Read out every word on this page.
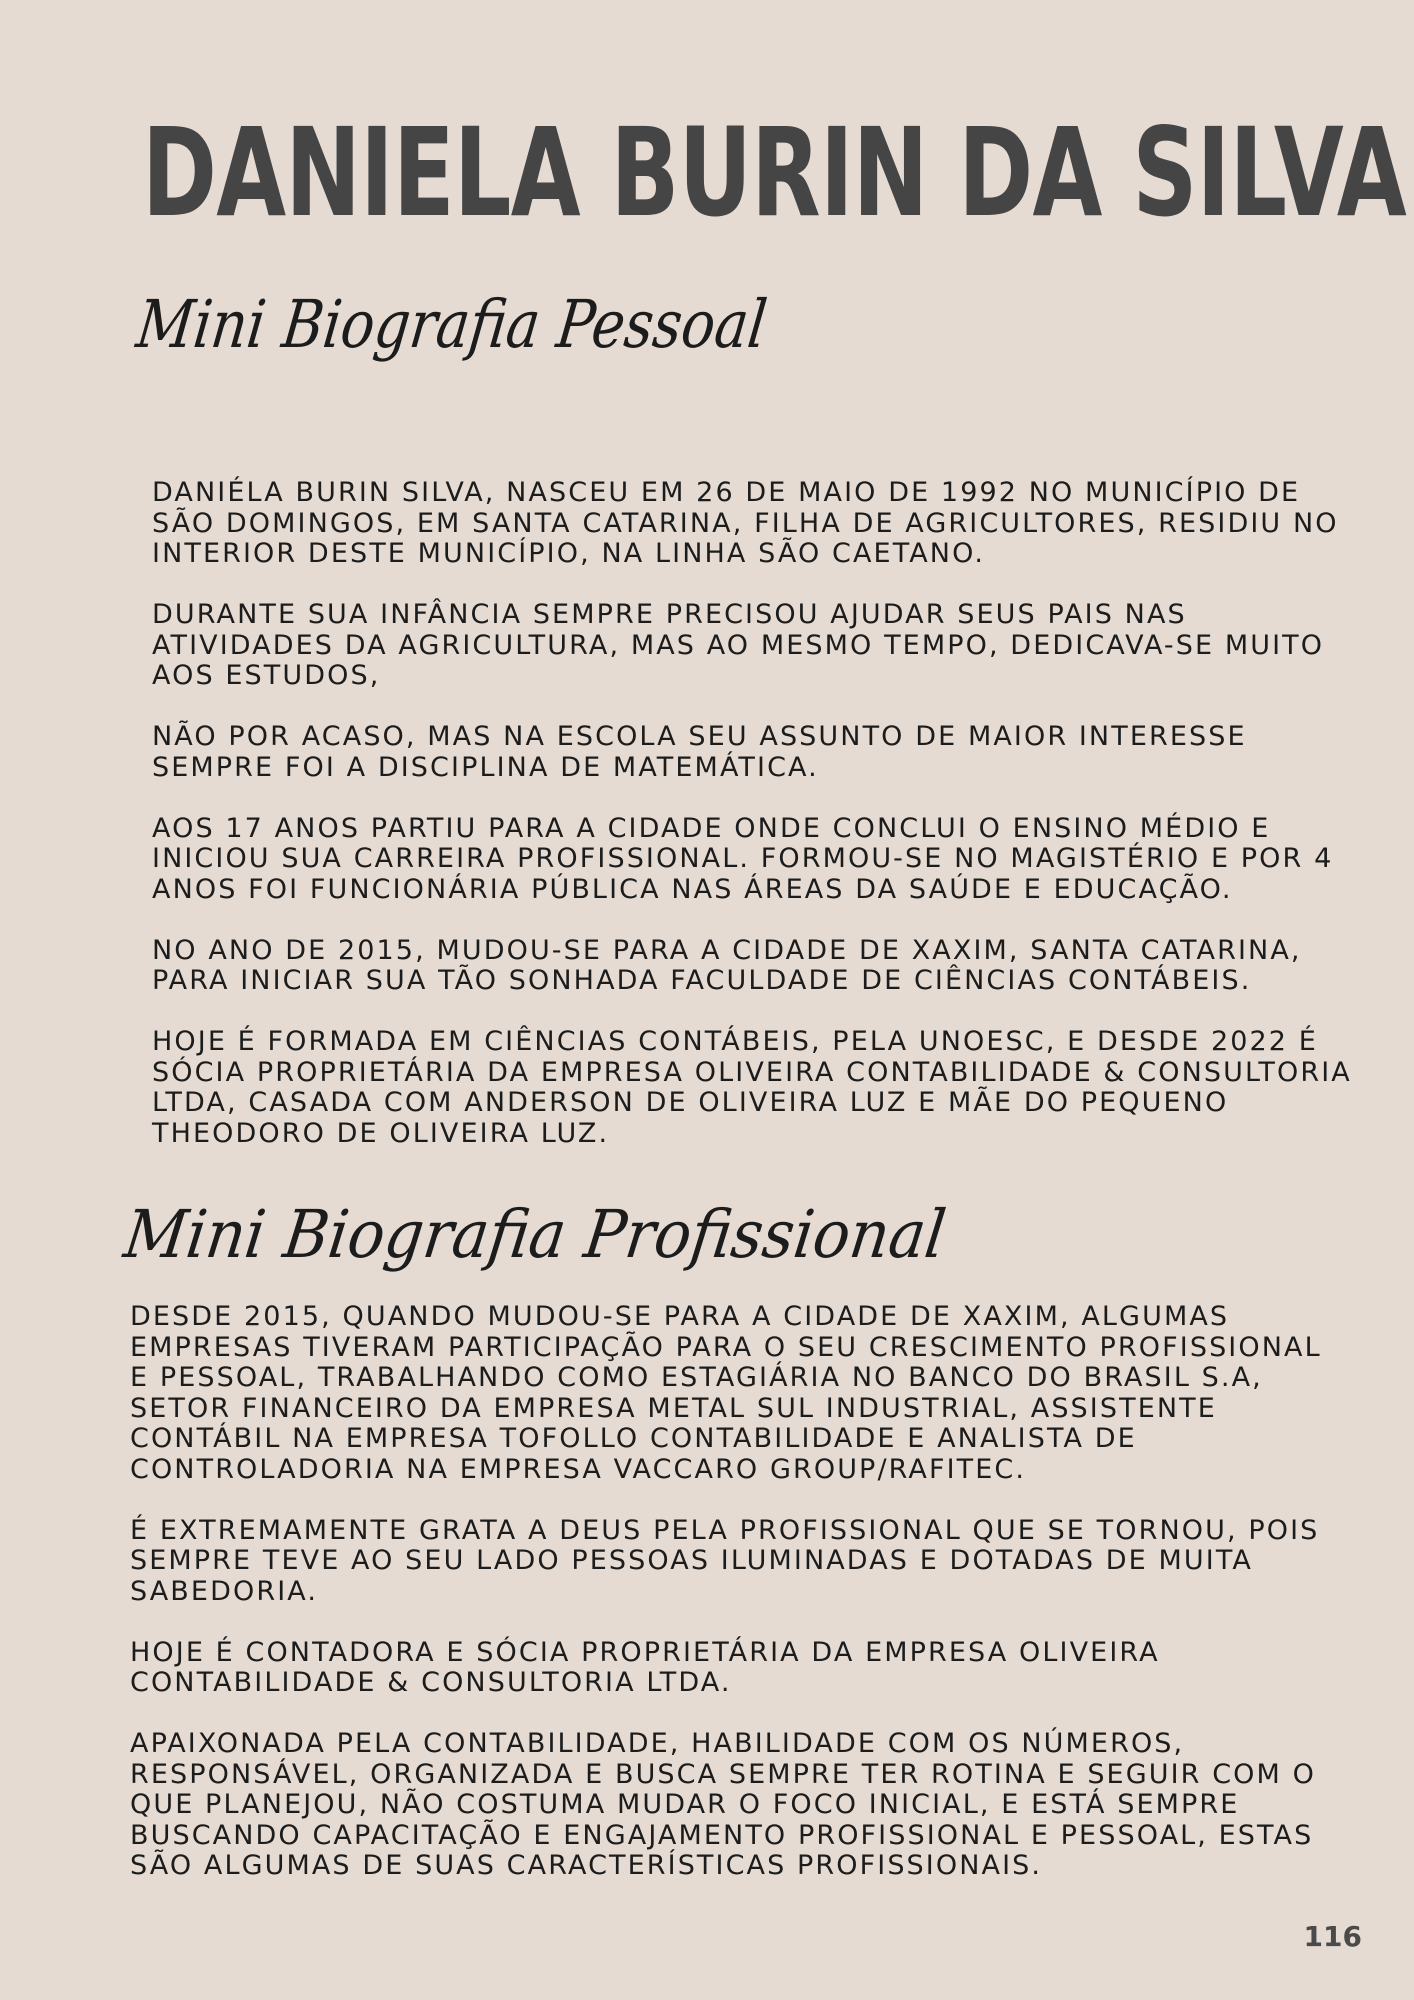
DANIELA BURIN DA SILVA
Mini Biografia Pessoal

DANIÉLA BURIN SILVA, NASCEU EM 26 DE MAIO DE 1992 NO MUNICÍPIO DE SÃO DOMINGOS, EM SANTA CATARINA, FILHA DE AGRICULTORES, RESIDIU NO INTERIOR DESTE MUNICÍPIO, NA LINHA SÃO CAETANO.

DURANTE SUA INFÂNCIA SEMPRE PRECISOU AJUDAR SEUS PAIS NAS ATIVIDADES DA AGRICULTURA, MAS AO MESMO TEMPO, DEDICAVA-SE MUITO AOS ESTUDOS,

NÃO POR ACASO, MAS NA ESCOLA SEU ASSUNTO DE MAIOR INTERESSE SEMPRE FOI A DISCIPLINA DE MATEMÁTICA.

AOS 17 ANOS PARTIU PARA A CIDADE ONDE CONCLUI O ENSINO MÉDIO E INICIOU SUA CARREIRA PROFISSIONAL. FORMOU-SE NO MAGISTÉRIO E POR 4 ANOS FOI FUNCIONÁRIA PÚBLICA NAS ÁREAS DA SAÚDE E EDUCAÇÃO.

NO ANO DE 2015, MUDOU-SE PARA A CIDADE DE XAXIM, SANTA CATARINA, PARA INICIAR SUA TÃO SONHADA FACULDADE DE CIÊNCIAS CONTÁBEIS.

HOJE É FORMADA EM CIÊNCIAS CONTÁBEIS, PELA UNOESC, E DESDE 2022 É SÓCIA PROPRIETÁRIA DA EMPRESA OLIVEIRA CONTABILIDADE & CONSULTORIA LTDA, CASADA COM ANDERSON DE OLIVEIRA LUZ E MÃE DO PEQUENO THEODORO DE OLIVEIRA LUZ.

Mini Biografia Profissional

DESDE 2015, QUANDO MUDOU-SE PARA A CIDADE DE XAXIM, ALGUMAS EMPRESAS TIVERAM PARTICIPAÇÃO PARA O SEU CRESCIMENTO PROFISSIONAL E PESSOAL, TRABALHANDO COMO ESTAGIÁRIA NO BANCO DO BRASIL S.A, SETOR FINANCEIRO DA EMPRESA METAL SUL INDUSTRIAL, ASSISTENTE CONTÁBIL NA EMPRESA TOFOLLO CONTABILIDADE E ANALISTA DE CONTROLADORIA NA EMPRESA VACCARO GROUP/RAFITEC.

É EXTREMAMENTE GRATA A DEUS PELA PROFISSIONAL QUE SE TORNOU, POIS SEMPRE TEVE AO SEU LADO PESSOAS ILUMINADAS E DOTADAS DE MUITA SABEDORIA.

HOJE É CONTADORA E SÓCIA PROPRIETÁRIA DA EMPRESA OLIVEIRA CONTABILIDADE & CONSULTORIA LTDA.

APAIXONADA PELA CONTABILIDADE, HABILIDADE COM OS NÚMEROS, RESPONSÁVEL, ORGANIZADA E BUSCA SEMPRE TER ROTINA E SEGUIR COM O QUE PLANEJOU, NÃO COSTUMA MUDAR O FOCO INICIAL, E ESTÁ SEMPRE BUSCANDO CAPACITAÇÃO E ENGAJAMENTO PROFISSIONAL E PESSOAL, ESTAS SÃO ALGUMAS DE SUAS CARACTERÍSTICAS PROFISSIONAIS.

116
